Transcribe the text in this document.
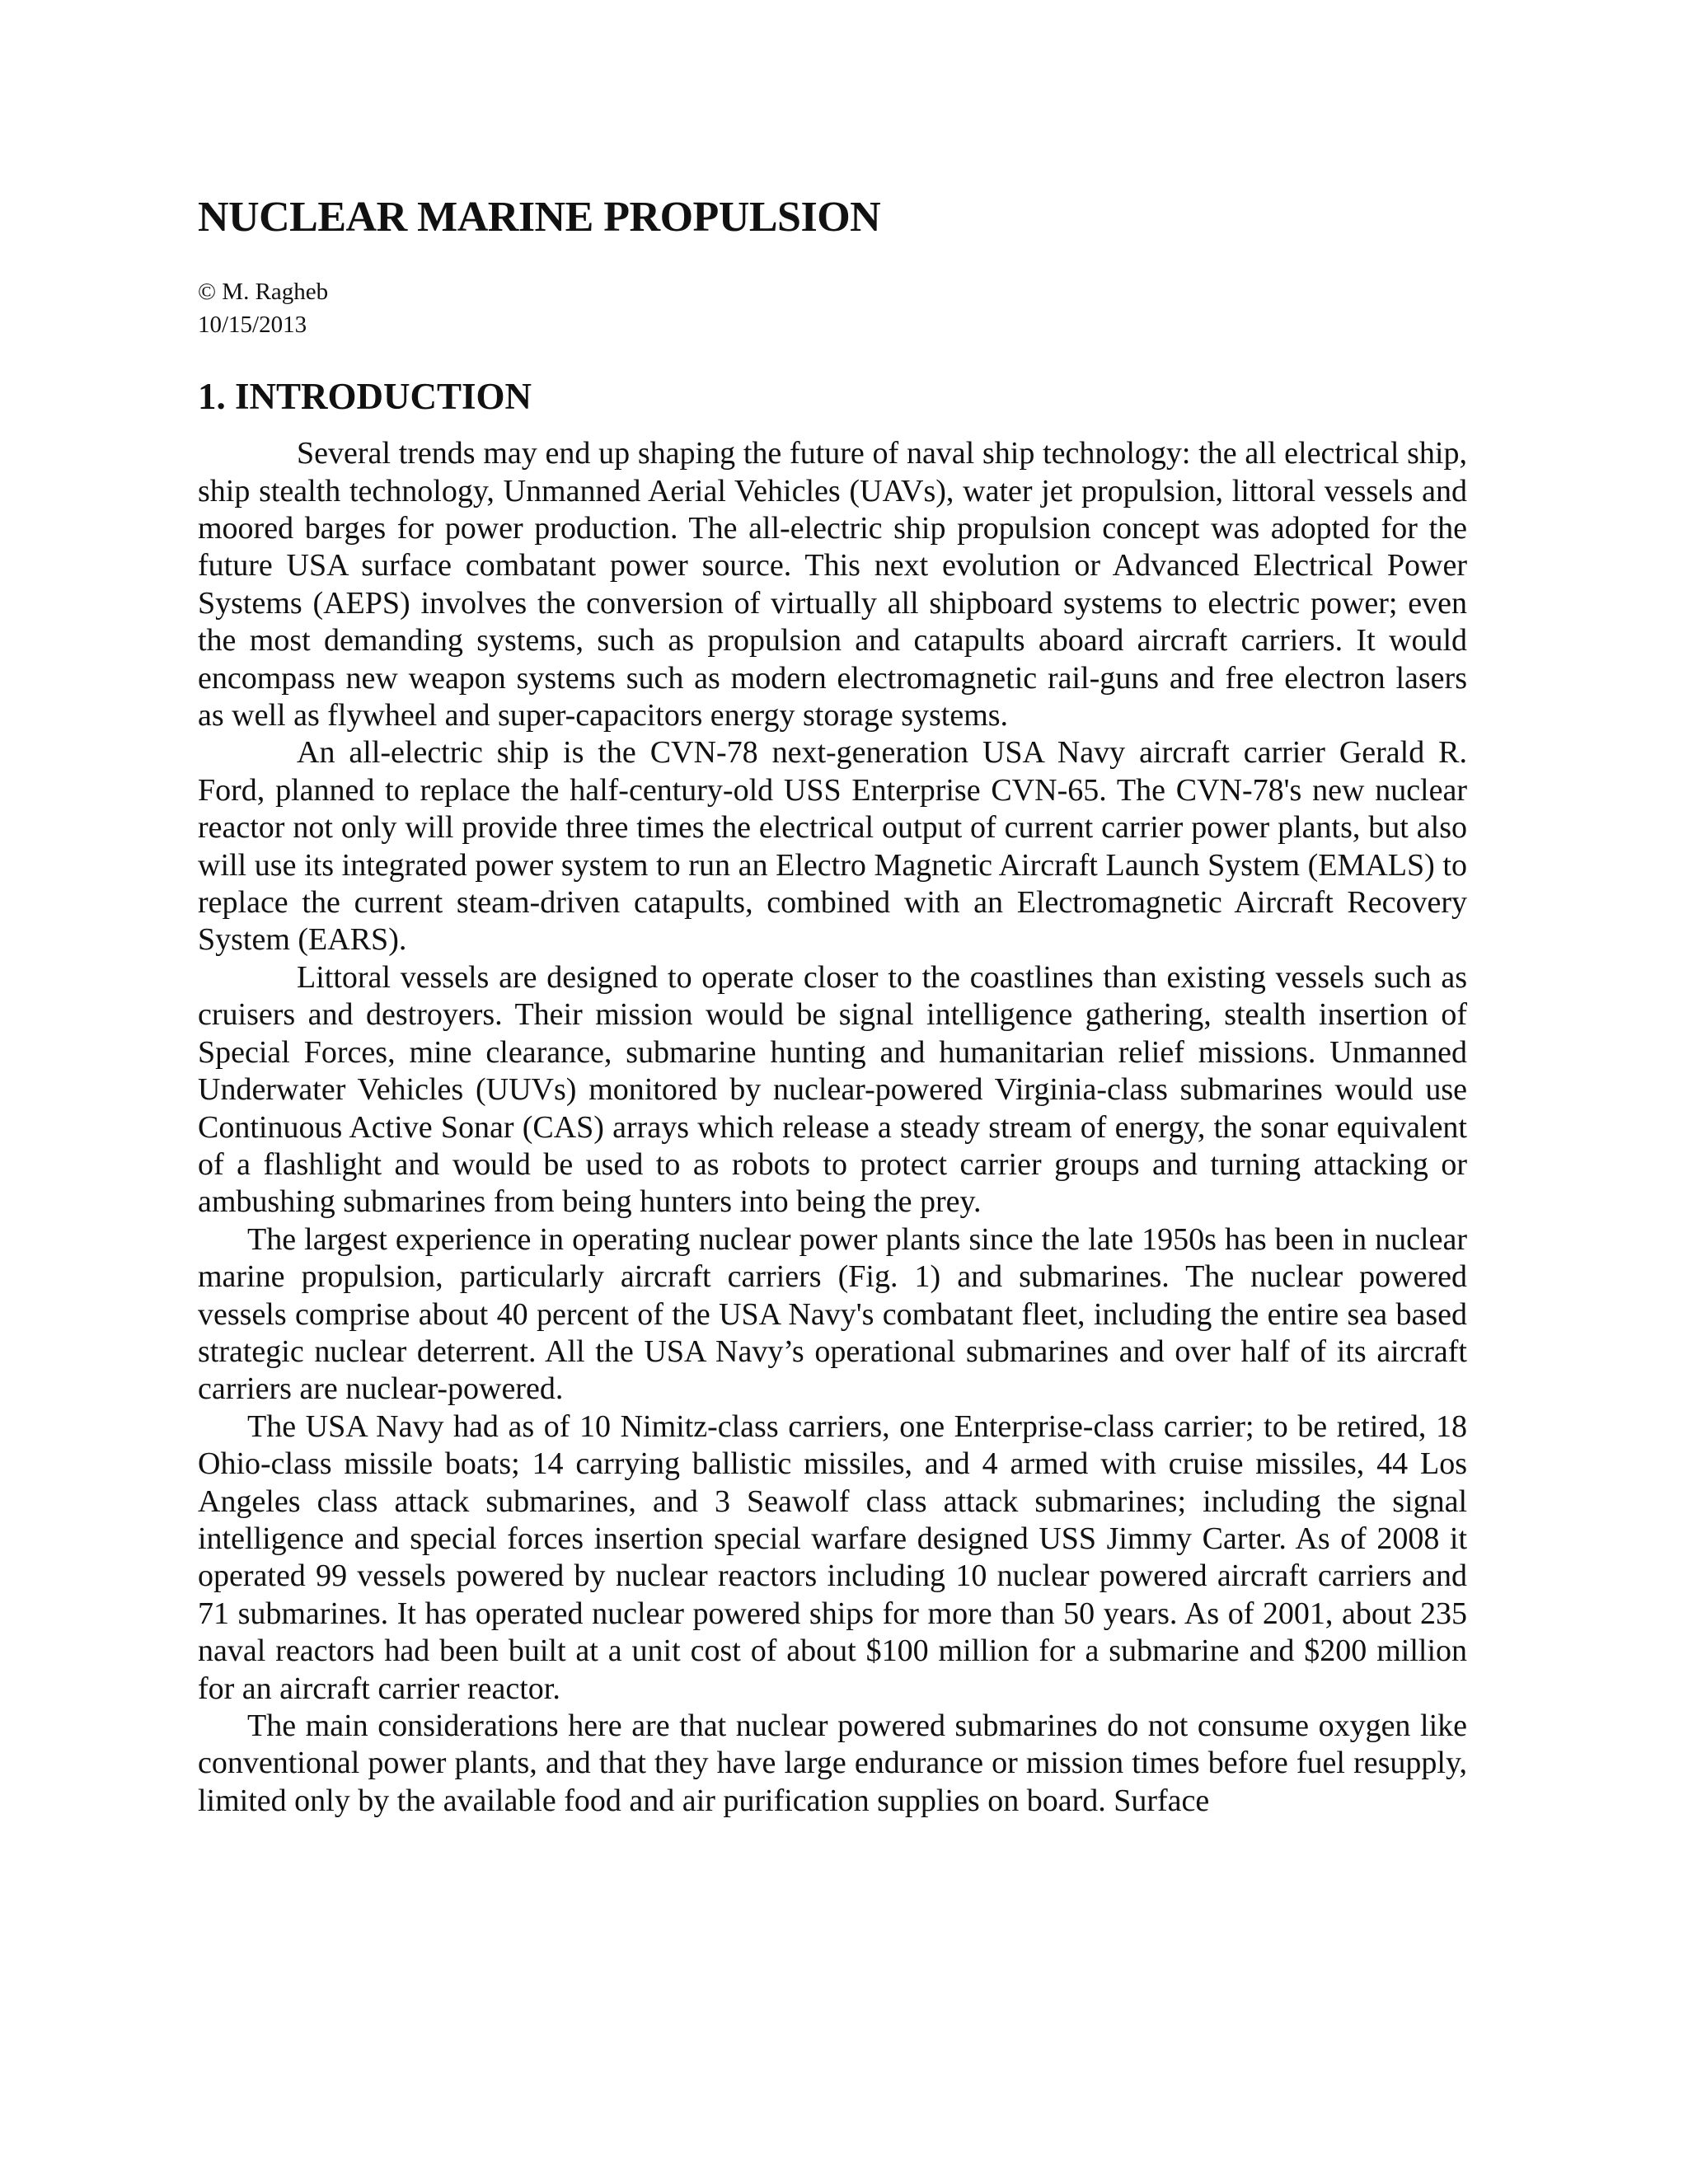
NUCLEAR MARINE PROPULSION
© M. Ragheb
10/15/2013
1. INTRODUCTION

Several trends may end up shaping the future of naval ship technology: the all electrical ship, ship stealth technology, Unmanned Aerial Vehicles (UAVs), water jet propulsion, littoral vessels and moored barges for power production. The all-electric ship propulsion concept was adopted for the future USA surface combatant power source. This next evolution or Advanced Electrical Power Systems (AEPS) involves the conversion of virtually all shipboard systems to electric power; even the most demanding systems, such as propulsion and catapults aboard aircraft carriers. It would encompass new weapon systems such as modern electromagnetic rail-guns and free electron lasers as well as flywheel and super-capacitors energy storage systems.

An all-electric ship is the CVN-78 next-generation USA Navy aircraft carrier Gerald R. Ford, planned to replace the half-century-old USS Enterprise CVN-65. The CVN-78's new nuclear reactor not only will provide three times the electrical output of current carrier power plants, but also will use its integrated power system to run an Electro Magnetic Aircraft Launch System (EMALS) to replace the current steam-driven catapults, combined with an Electromagnetic Aircraft Recovery System (EARS).

Littoral vessels are designed to operate closer to the coastlines than existing vessels such as cruisers and destroyers. Their mission would be signal intelligence gathering, stealth insertion of Special Forces, mine clearance, submarine hunting and humanitarian relief missions. Unmanned Underwater Vehicles (UUVs) monitored by nuclear-powered Virginia-class submarines would use Continuous Active Sonar (CAS) arrays which release a steady stream of energy, the sonar equivalent of a flashlight and would be used to as robots to protect carrier groups and turning attacking or ambushing submarines from being hunters into being the prey.

The largest experience in operating nuclear power plants since the late 1950s has been in nuclear marine propulsion, particularly aircraft carriers (Fig. 1) and submarines. The nuclear powered vessels comprise about 40 percent of the USA Navy's combatant fleet, including the entire sea based strategic nuclear deterrent. All the USA Navy’s operational submarines and over half of its aircraft carriers are nuclear-powered.

The USA Navy had as of 10 Nimitz-class carriers, one Enterprise-class carrier; to be retired, 18 Ohio-class missile boats; 14 carrying ballistic missiles, and 4 armed with cruise missiles, 44 Los Angeles class attack submarines, and 3 Seawolf class attack submarines; including the signal intelligence and special forces insertion special warfare designed USS Jimmy Carter. As of 2008 it operated 99 vessels powered by nuclear reactors including 10 nuclear powered aircraft carriers and 71 submarines. It has operated nuclear powered ships for more than 50 years. As of 2001, about 235 naval reactors had been built at a unit cost of about $100 million for a submarine and $200 million for an aircraft carrier reactor.

The main considerations here are that nuclear powered submarines do not consume oxygen like conventional power plants, and that they have large endurance or mission times before fuel resupply, limited only by the available food and air purification supplies on board. Surface
